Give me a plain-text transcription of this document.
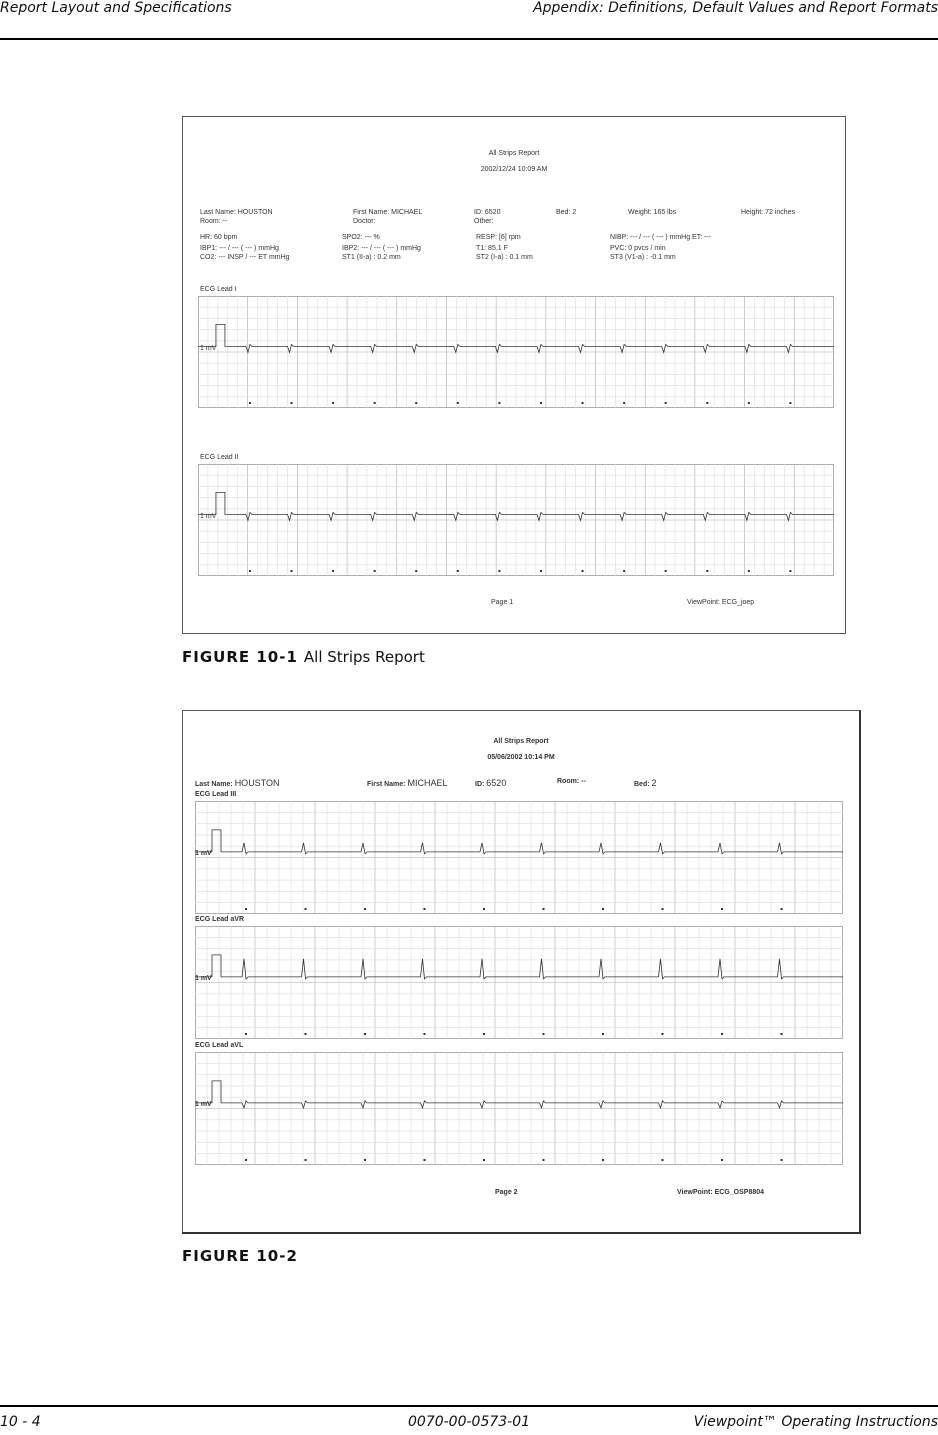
Report Layout and Specifications	Appendix: Definitions, Default Values and Report Formats
All Strips Report
2002/12/24 10:09 AM
Last Name: HOUSTON
Room: --
First Name: MICHAEL
Doctor:
ID: 6520
Other:
Bed: 2	Weight: 165 lbs	Height: 72 inches
HR: 60 bpm	SPO2: --- %	RESP: [6] rpm	NIBP: --- / --- ( --- ) mmHg ET: ---
IBP1: --- / --- ( --- ) mmHg	IBP2: --- / --- ( --- ) mmHg	T1: 85.1 F	PVC: 0 pvcs / min
CO2: --- INSP / --- ET mmHg	ST1 (II-a) : 0.2 mm	ST2 (I-a) : 0.1 mm	ST3 (V1-a) : -0.1 mm
ECG Lead I
1 mV
ECG Lead II
1 mV
Page 1	ViewPoint: ECG_joep
FIGURE 10-1 All Strips Report
All Strips Report
05/06/2002 10:14 PM
Last Name: HOUSTON	First Name: MICHAEL	ID: 6520	Room: --	Bed: 2
ECG Lead III
1 mV
ECG Lead aVR
1 mV
ECG Lead aVL
1 mV
Page 2	ViewPoint: ECG_OSP8804
FIGURE 10-2
10 - 4	0070-00-0573-01	Viewpoint™ Operating Instructions
